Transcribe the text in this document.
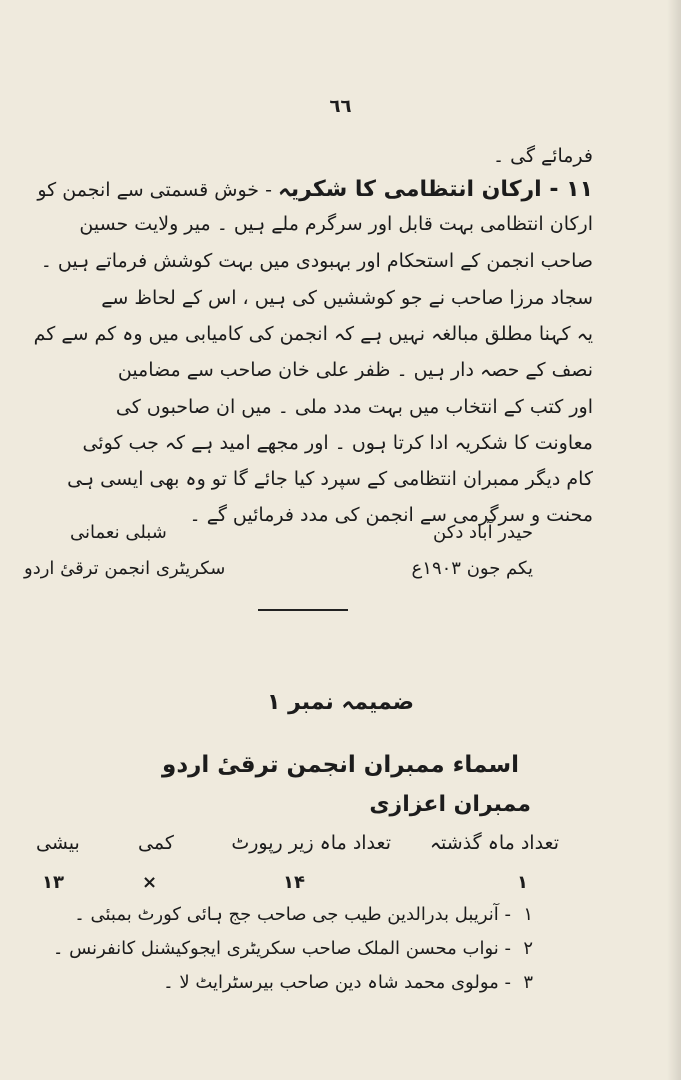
٦٦
فرمائے گی ۔
۱۱ - ارکان انتظامی کا شکریہ - خوش قسمتی سے انجمن کو
ارکان انتظامی بہت قابل اور سرگرم ملے ہیں ۔ میر ولایت حسین
صاحب انجمن کے استحکام اور بہبودی میں بہت کوشش فرماتے ہیں ۔
سجاد مرزا صاحب نے جو کوششیں کی ہیں ، اس کے لحاظ سے
یہ کہنا مطلق مبالغہ نہیں ہے کہ انجمن کی کامیابی میں وہ کم سے کم
نصف کے حصہ دار ہیں ۔ ظفر علی خان صاحب سے مضامین
اور کتب کے انتخاب میں بہت مدد ملی ۔ میں ان صاحبوں کی
معاونت کا شکریہ ادا کرتا ہوں ۔ اور مجھے امید ہے کہ جب کوئی
کام دیگر ممبران انتظامی کے سپرد کیا جائے گا تو وہ بھی ایسی ہی
محنت و سرگرمی سے انجمن کی مدد فرمائیں گے ۔
حیدر آباد دکن
یکم جون ۱۹۰۳ع
شبلی نعمانی
سکریٹری انجمن ترقیٔ اردو
ضمیمہ نمبر ۱
اسماء ممبران انجمن ترقیٔ اردو
ممبران اعزازی
تعداد ماہ گذشتہ
تعداد ماہ زیر رپورٹ
کمی
بیشی
۱
۱۴
×
۱۳
۱- آنریبل بدرالدین طیب جی صاحب جج ہائی کورٹ بمبئی ۔
۲- نواب محسن الملک صاحب سکریٹری ایجوکیشنل کانفرنس ۔
۳- مولوی محمد شاہ دین صاحب بیرسٹرایٹ لا ۔
